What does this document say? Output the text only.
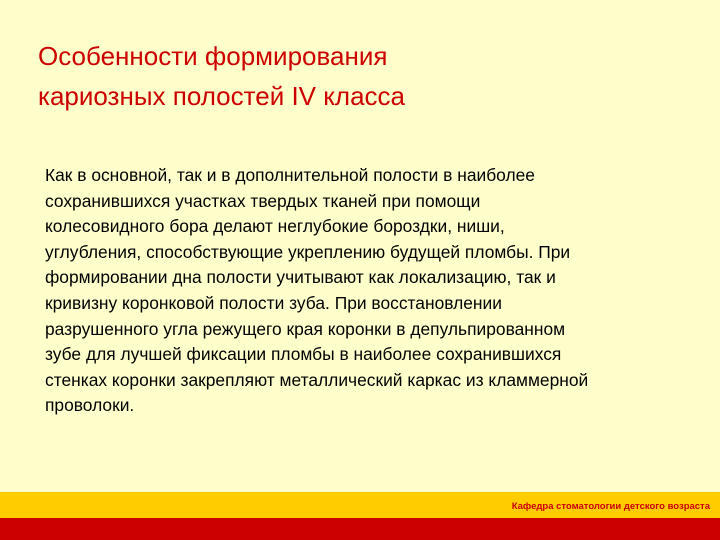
Особенности формирования
кариозных полостей IV класса

Как в основной, так и в дополнительной полости в наиболее
сохранившихся участках твердых тканей при помощи
колесовидного бора делают неглубокие бороздки, ниши,
углубления, способствующие укреплению будущей пломбы. При
формировании дна полости учитывают как локализацию, так и
кривизну коронковой полости зуба. При восстановлении
разрушенного угла режущего края коронки в депульпированном
зубе для лучшей фиксации пломбы в наиболее сохранившихся
стенках коронки закрепляют металлический каркас из кламмерной
проволоки.

Кафедра стоматологии детского возраста
